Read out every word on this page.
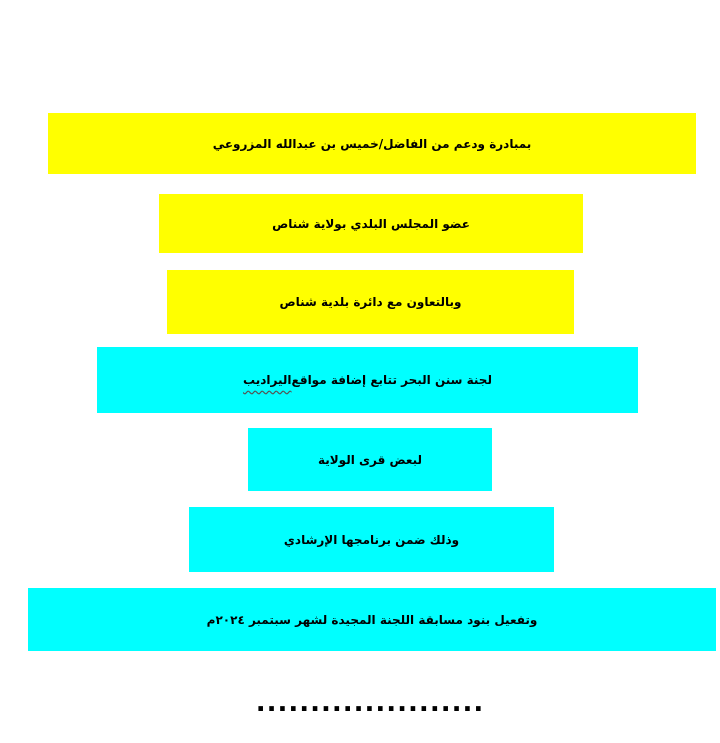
بمبادرة ودعم من الفاضل/خميس بن عبدالله المزروعي
عضو المجلس البلدي بولاية شناص
وبالتعاون مع دائرة بلدية شناص
لجنة سنن البحر تتابع إضافة مواقع
اليراديب
لبعض قرى الولاية
وذلك ضمن برنامجها الإرشادي
وتفعيل بنود مسابقة اللجنة المجيدة لشهر سبتمبر ٢٠٢٤م
.....................
